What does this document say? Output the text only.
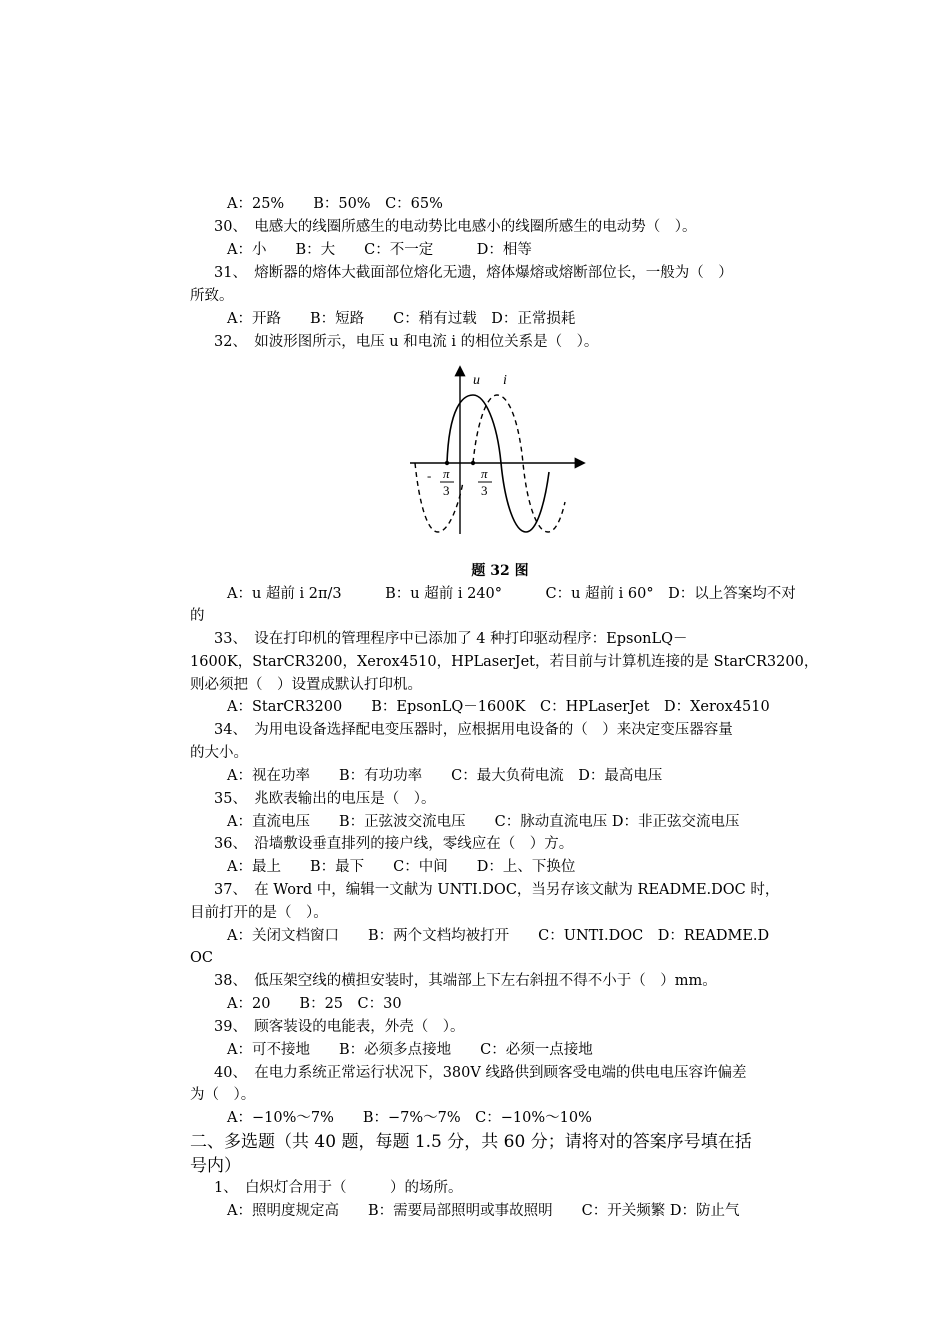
A：25%　　B：50%　C：65%
30、　电感大的线圈所感生的电动势比电感小的线圈所感生的电动势（　）。
A：小　　B：大　　C：不一定　　　D：相等
31、　熔断器的熔体大截面部位熔化无遗，熔体爆熔或熔断部位长，一般为（　）
所致。
A：开路　　B：短路　　C：稍有过载　D：正常损耗
32、　如波形图所示，电压 u 和电流 i 的相位关系是（　）。
u i
- π
3
π
3
题 32 图
A：u 超前 i 2π/3　　　B：u 超前 i 240°　　　C：u 超前 i 60°　D：以上答案均不对
的
33、　设在打印机的管理程序中已添加了 4 种打印驱动程序：EpsonLQ－
1600K，StarCR3200，Xerox4510，HPLaserJet，若目前与计算机连接的是 StarCR3200，
则必须把（　）设置成默认打印机。
A：StarCR3200　　B：EpsonLQ－1600K　C：HPLaserJet　D：Xerox4510
34、　为用电设备选择配电变压器时，应根据用电设备的（　）来决定变压器容量
的大小。
A：视在功率　　B：有功功率　　C：最大负荷电流　D：最高电压
35、　兆欧表输出的电压是（　）。
A：直流电压　　B：正弦波交流电压　　C：脉动直流电压 D：非正弦交流电压
36、　沿墙敷设垂直排列的接户线，零线应在（　）方。
A：最上　　B：最下　　C：中间　　D：上、下换位
37、　在 Word 中，编辑一文献为 UNTI.DOC，当另存该文献为 README.DOC 时，
目前打开的是（　）。
A：关闭文档窗口　　B：两个文档均被打开　　C：UNTI.DOC　D：README.D
OC
38、　低压架空线的横担安装时，其端部上下左右斜扭不得不小于（　）mm。
A：20　　B：25　C：30
39、　顾客装设的电能表，外壳（　）。
A：可不接地　　B：必须多点接地　　C：必须一点接地
40、　在电力系统正常运行状况下，380V 线路供到顾客受电端的供电电压容许偏差
为（　）。
A：−10%～7%　　B：−7%～7%　C：−10%～10%
二、多选题（共 40 题，每题 1.5 分，共 60 分；请将对的答案序号填在括
号内）
1、　白炽灯合用于（　　　）的场所。
A：照明度规定高　　B：需要局部照明或事故照明　　C：开关频繁 D：防止气
